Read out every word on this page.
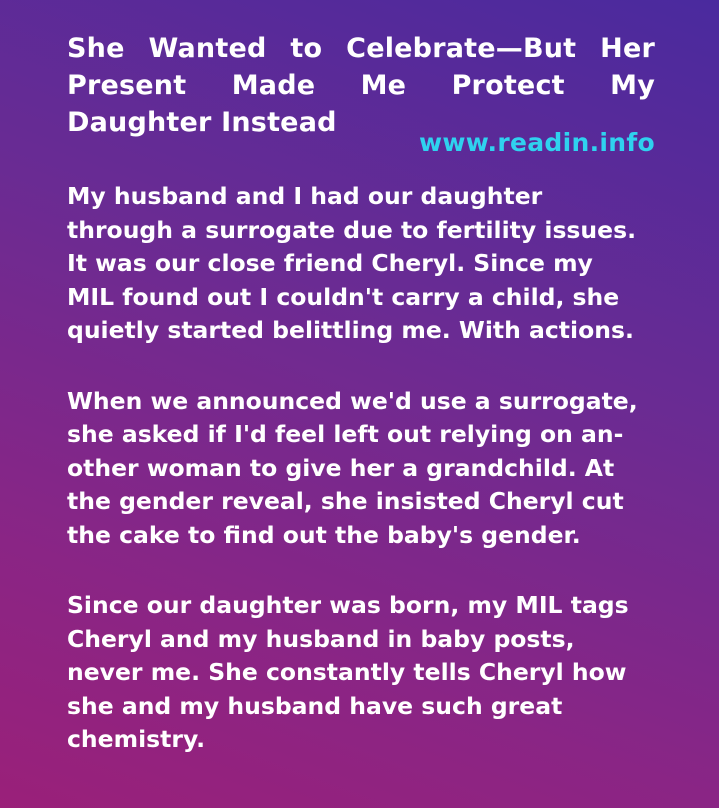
She Wanted to Celebrate—But Her Present Made Me Protect My Daughter Instead

www.readin.info

My husband and I had our daughter
through a surrogate due to fertility issues.
It was our close friend Cheryl. Since my
MIL found out I couldn't carry a child, she
quietly started belittling me. With actions.

When we announced we'd use a surrogate,
she asked if I'd feel left out relying on an-
other woman to give her a grandchild. At
the gender reveal, she insisted Cheryl cut
the cake to find out the baby's gender.

Since our daughter was born, my MIL tags
Cheryl and my husband in baby posts,
never me. She constantly tells Cheryl how
she and my husband have such great
chemistry.
